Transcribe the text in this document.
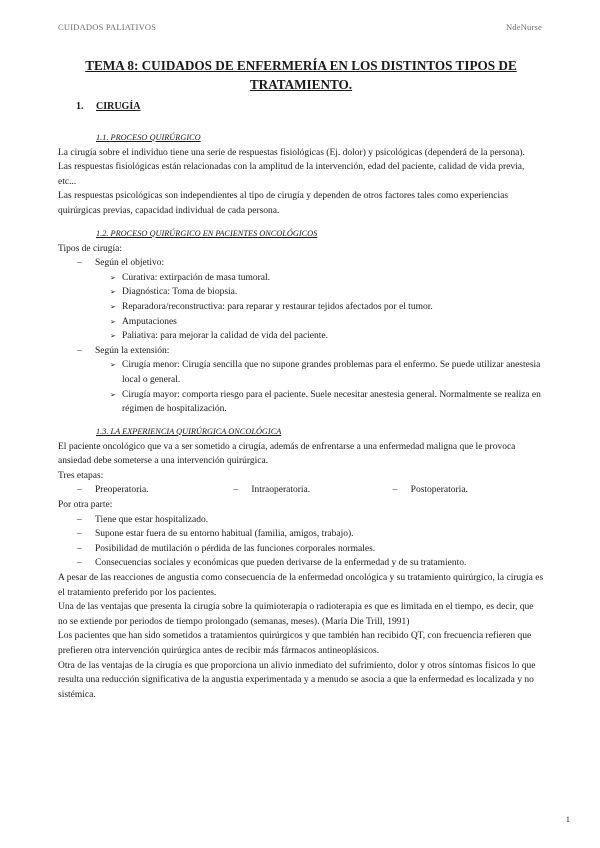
CUIDADOS PALIATIVOS	NdeNurse
TEMA 8: CUIDADOS DE ENFERMERÍA EN LOS DISTINTOS TIPOS DE TRATAMIENTO.
1. CIRUGÍA
1.1. PROCESO QUIRÚRGICO

La cirugía sobre el individuo tiene una serie de respuestas fisiológicas (Ej. dolor) y psicológicas (dependerá de la persona).

Las respuestas fisiológicas están relacionadas con la amplitud de la intervención, edad del paciente, calidad de vida previa, etc...

Las respuestas psicológicas son independientes al tipo de cirugía y dependen de otros factores tales como experiencias quirúrgicas previas, capacidad individual de cada persona.

1.2. PROCESO QUIRÚRGICO EN PACIENTES ONCOLÓGICOS

Tipos de cirugía:

– Según el objetivo:

➢ Curativa: extirpación de masa tumoral.

➢ Diagnóstica: Toma de biopsia.

➢ Reparadora/reconstructiva: para reparar y restaurar tejidos afectados por el tumor.

➢ Amputaciones

➢ Paliativa: para mejorar la calidad de vida del paciente.

– Según la extensión:

➢ Cirugía menor: Cirugía sencilla que no supone grandes problemas para el enfermo. Se puede utilizar anestesia local o general.

➢ Cirugía mayor: comporta riesgo para el paciente. Suele necesitar anestesia general. Normalmente se realiza en régimen de hospitalización.

1.3. LA EXPERIENCIA QUIRÚRGICA ONCOLÓGICA

El paciente oncológico que va a ser sometido a cirugía, además de enfrentarse a una enfermedad maligna que le provoca ansiedad debe someterse a una intervención quirúrgica.

Tres etapas:

– Preoperatoria.	– Intraoperatoria.	– Postoperatoria.

Por otra parte:

– Tiene que estar hospitalizado.

– Supone estar fuera de su entorno habitual (familia, amigos, trabajo).

– Posibilidad de mutilación o pérdida de las funciones corporales normales.

– Consecuencias sociales y económicas que pueden derivarse de la enfermedad y de su tratamiento.

A pesar de las reacciones de angustia como consecuencia de la enfermedad oncológica y su tratamiento quirúrgico, la cirugía es el tratamiento preferido por los pacientes.

Una de las ventajas que presenta la cirugía sobre la quimioterapia o radioterapia es que es limitada en el tiempo, es decir, que no se extiende por periodos de tiempo prolongado (semanas, meses). (María Die Trill, 1991)

Los pacientes que han sido sometidos a tratamientos quirúrgicos y que también han recibido QT, con frecuencia refieren que prefieren otra intervención quirúrgica antes de recibir más fármacos antineoplásicos.

Otra de las ventajas de la cirugía es que proporciona un alivio inmediato del sufrimiento, dolor y otros síntomas físicos lo que resulta una reducción significativa de la angustia experimentada y a menudo se asocia a que la enfermedad es localizada y no sistémica.

1
